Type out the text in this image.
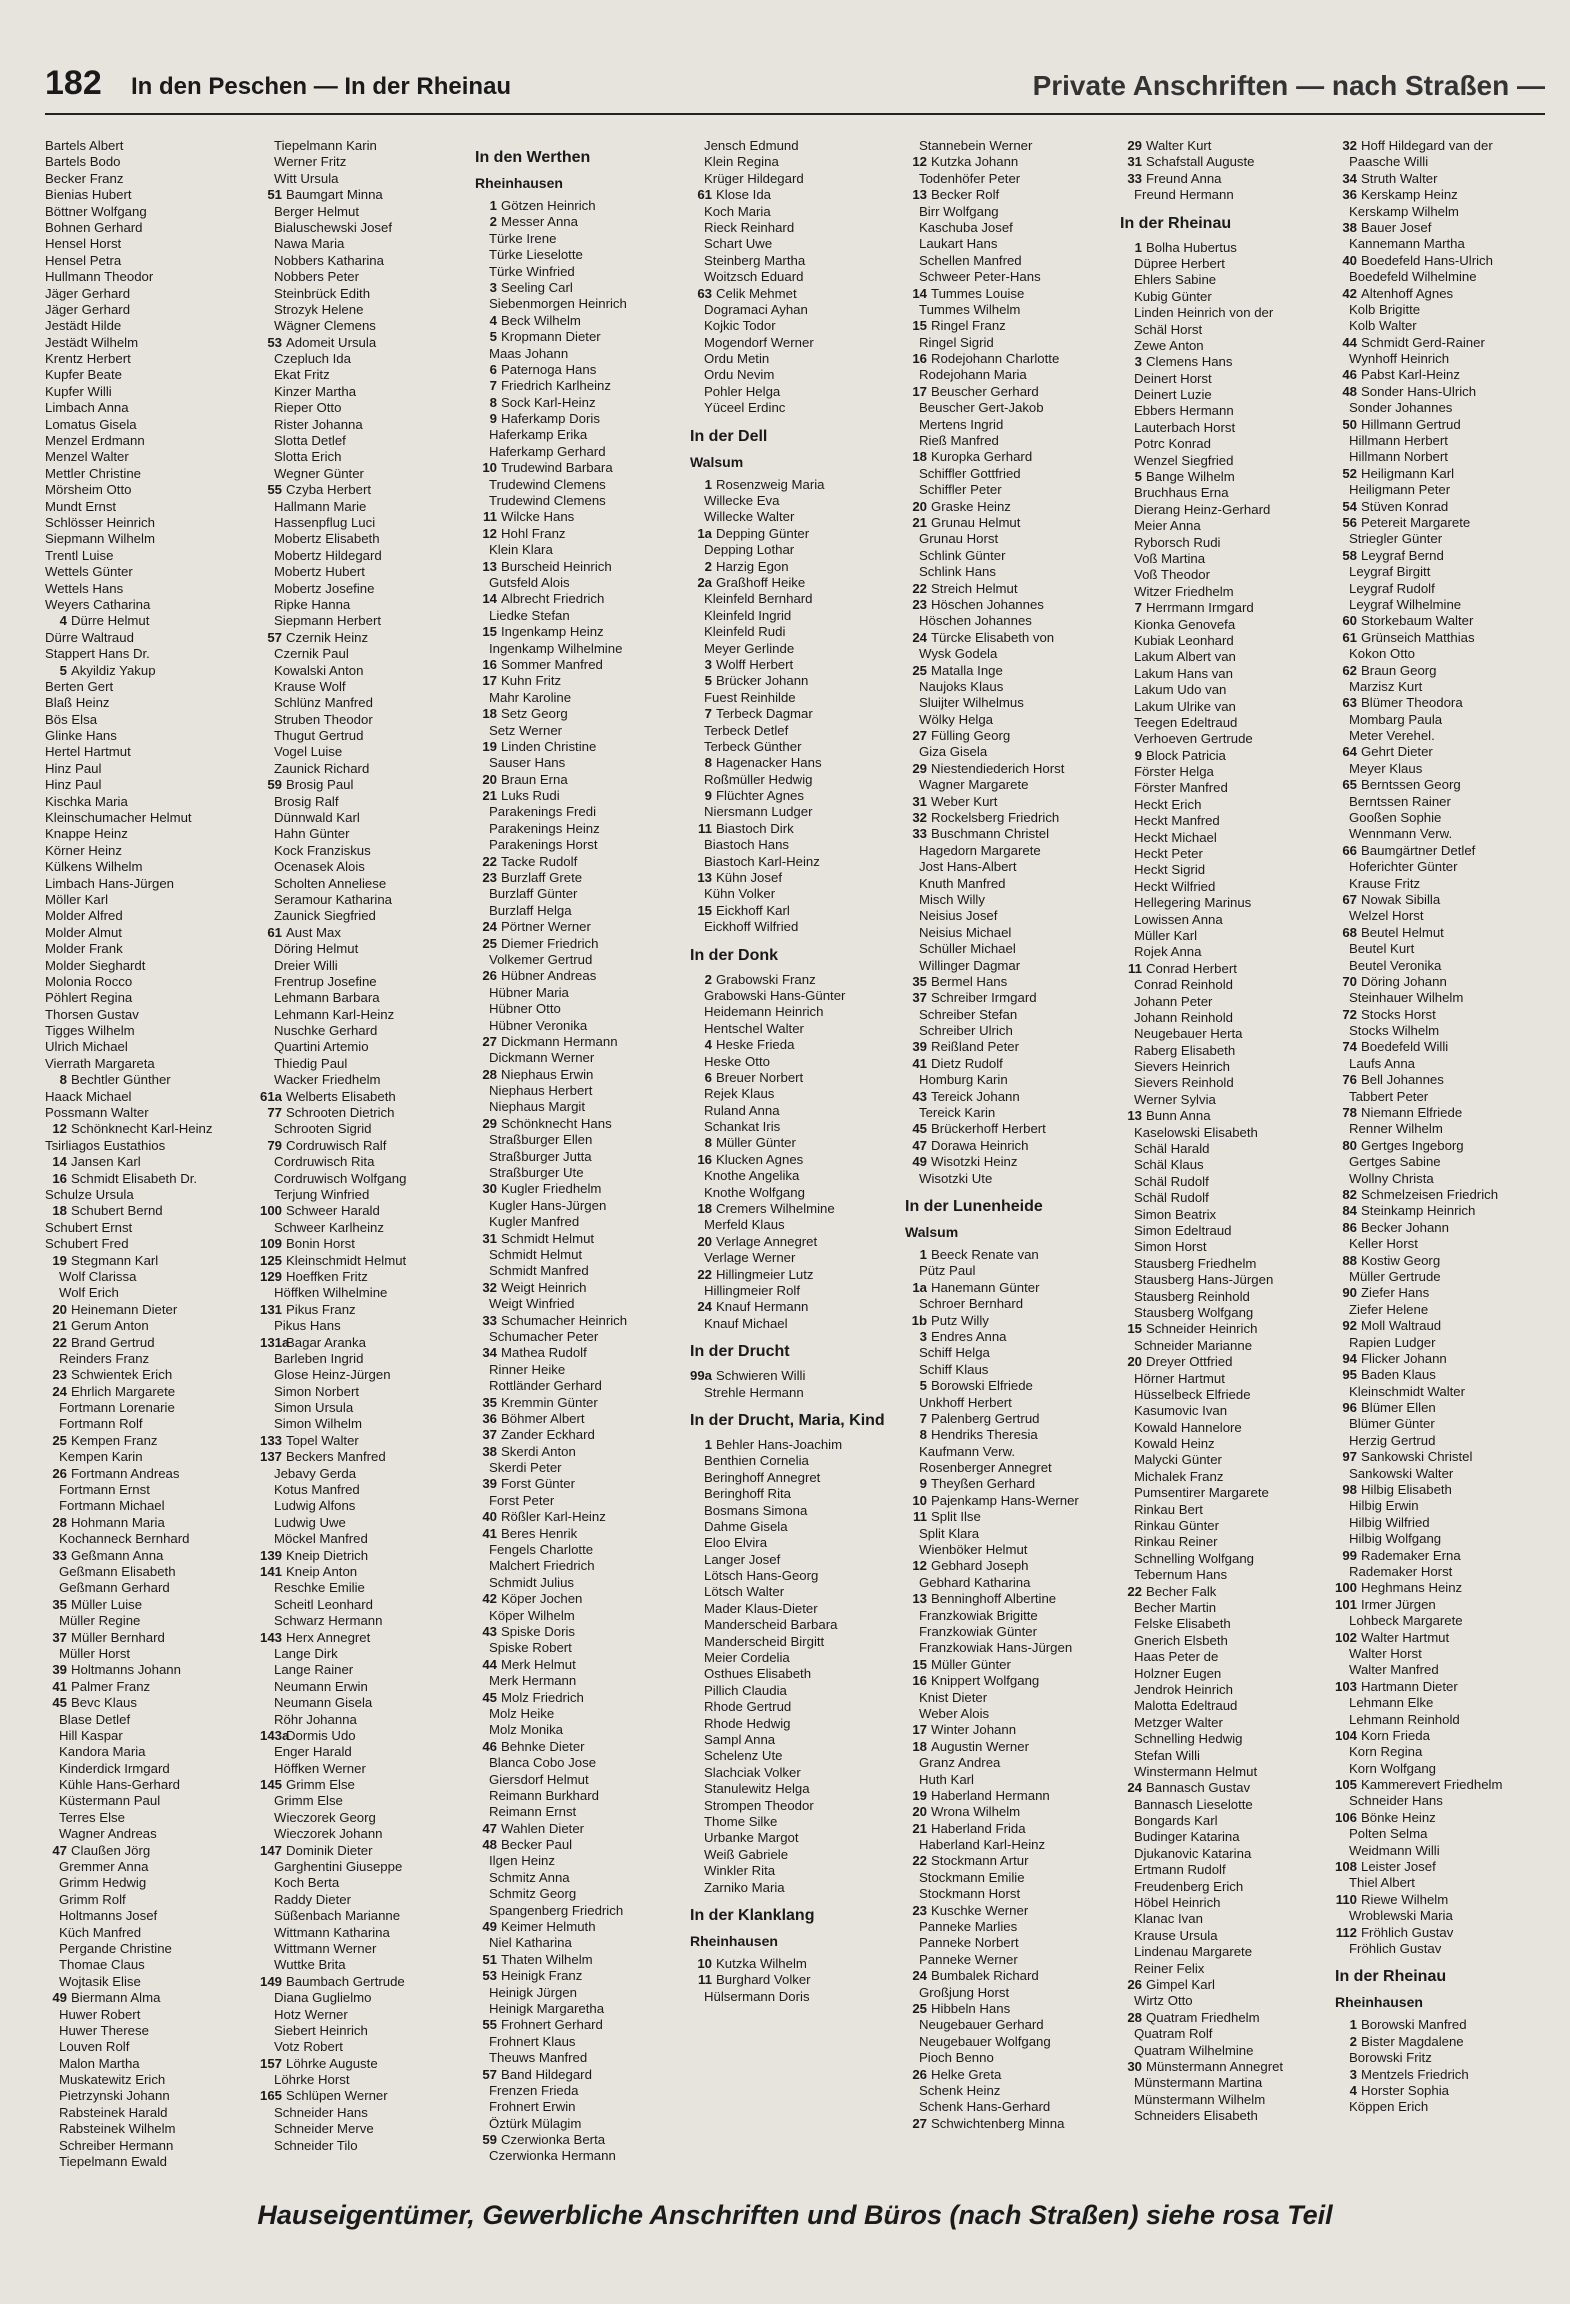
182 In den Peschen — In der Rheinau	Private Anschriften — nach Straßen —
Bartels Albert
Bartels Bodo
Becker Franz
Bienias Hubert
Böttner Wolfgang
Bohnen Gerhard
Hensel Horst
Hensel Petra
Hullmann Theodor
Jäger Gerhard
Jäger Gerhard
Jestädt Hilde
Jestädt Wilhelm
Krentz Herbert
Kupfer Beate
Kupfer Willi
Limbach Anna
Lomatus Gisela
Menzel Erdmann
Menzel Walter
Mettler Christine
Mörsheim Otto
Mundt Ernst
Schlösser Heinrich
Siepmann Wilhelm
Trentl Luise
Wettels Günter
Wettels Hans
Weyers Catharina
4 Dürre Helmut
Dürre Waltraud
Stappert Hans Dr.
5 Akyildiz Yakup
Berten Gert
Blaß Heinz
Bös Elsa
Glinke Hans
Hertel Hartmut
Hinz Paul
Hinz Paul
Kischka Maria
Kleinschumacher Helmut
Knappe Heinz
Körner Heinz
Külkens Wilhelm
Limbach Hans-Jürgen
Möller Karl
Molder Alfred
Molder Almut
Molder Frank
Molder Sieghardt
Molonia Rocco
Pöhlert Regina
Thorsen Gustav
Tigges Wilhelm
Ulrich Michael
Vierrath Margareta
8 Bechtler Günther
Haack Michael
Possmann Walter
12 Schönknecht Karl-Heinz
Tsirliagos Eustathios
14 Jansen Karl
16 Schmidt Elisabeth Dr.
Schulze Ursula
18 Schubert Bernd
Schubert Ernst
Schubert Fred
19 Stegmann Karl
Wolf Clarissa
Wolf Erich
20 Heinemann Dieter
21 Gerum Anton
22 Brand Gertrud
Reinders Franz
23 Schwientek Erich
24 Ehrlich Margarete
Fortmann Lorenarie
Fortmann Rolf
25 Kempen Franz
Kempen Karin
26 Fortmann Andreas
Fortmann Ernst
Fortmann Michael
28 Hohmann Maria
Kochanneck Bernhard
33 Geßmann Anna
Geßmann Elisabeth
Geßmann Gerhard
35 Müller Luise
Müller Regine
37 Müller Bernhard
Müller Horst
39 Holtmanns Johann
41 Palmer Franz
45 Bevc Klaus
Blase Detlef
Hill Kaspar
Kandora Maria
Kinderdick Irmgard
Kühle Hans-Gerhard
Küstermann Paul
Terres Else
Wagner Andreas
47 Claußen Jörg
Gremmer Anna
Grimm Hedwig
Grimm Rolf
Holtmanns Josef
Küch Manfred
Pergande Christine
Thomae Claus
Wojtasik Elise
49 Biermann Alma
Huwer Robert
Huwer Therese
Louven Rolf
Malon Martha
Muskatewitz Erich
Pietrzynski Johann
Rabsteinek Harald
Rabsteinek Wilhelm
Schreiber Hermann
Tiepelmann Ewald
Tiepelmann Karin
Werner Fritz
Witt Ursula
51 Baumgart Minna
Berger Helmut
Bialuschewski Josef
Nawa Maria
Nobbers Katharina
Nobbers Peter
Steinbrück Edith
Strozyk Helene
Wägner Clemens
53 Adomeit Ursula
Czepluch Ida
Ekat Fritz
Kinzer Martha
Rieper Otto
Rister Johanna
Slotta Detlef
Slotta Erich
Wegner Günter
55 Czyba Herbert
Hallmann Marie
Hassenpflug Luci
Mobertz Elisabeth
Mobertz Hildegard
Mobertz Hubert
Mobertz Josefine
Ripke Hanna
Siepmann Herbert
57 Czernik Heinz
Czernik Paul
Kowalski Anton
Krause Wolf
Schlünz Manfred
Struben Theodor
Thugut Gertrud
Vogel Luise
Zaunick Richard
59 Brosig Paul
Brosig Ralf
Dünnwald Karl
Hahn Günter
Kock Franziskus
Ocenasek Alois
Scholten Anneliese
Seramour Katharina
Zaunick Siegfried
61 Aust Max
Döring Helmut
Dreier Willi
Frentrup Josefine
Lehmann Barbara
Lehmann Karl-Heinz
Nuschke Gerhard
Quartini Artemio
Thiedig Paul
Wacker Friedhelm
61a Welberts Elisabeth
77 Schrooten Dietrich
Schrooten Sigrid
79 Cordruwisch Ralf
Cordruwisch Rita
Cordruwisch Wolfgang
Terjung Winfried
100 Schweer Harald
Schweer Karlheinz
109 Bonin Horst
125 Kleinschmidt Helmut
129 Hoeffken Fritz
Höffken Wilhelmine
131 Pikus Franz
Pikus Hans
131aBagar Aranka
Barleben Ingrid
Glose Heinz-Jürgen
Simon Norbert
Simon Ursula
Simon Wilhelm
133 Topel Walter
137 Beckers Manfred
Jebavy Gerda
Kotus Manfred
Ludwig Alfons
Ludwig Uwe
Möckel Manfred
139 Kneip Dietrich
141 Kneip Anton
Reschke Emilie
Scheitl Leonhard
Schwarz Hermann
143 Herx Annegret
Lange Dirk
Lange Rainer
Neumann Erwin
Neumann Gisela
Röhr Johanna
143aDormis Udo
Enger Harald
Höffken Werner
145 Grimm Else
Grimm Else
Wieczorek Georg
Wieczorek Johann
147 Dominik Dieter
Garghentini Giuseppe
Koch Berta
Raddy Dieter
Süßenbach Marianne
Wittmann Katharina
Wittmann Werner
Wuttke Brita
149 Baumbach Gertrude
Diana Guglielmo
Hotz Werner
Siebert Heinrich
Votz Robert
157 Löhrke Auguste
Löhrke Horst
165 Schlüpen Werner
Schneider Hans
Schneider Merve
Schneider Tilo
In den Werthen
Rheinhausen
1 Götzen Heinrich
2 Messer Anna
Türke Irene
Türke Lieselotte
Türke Winfried
3 Seeling Carl
Siebenmorgen Heinrich
4 Beck Wilhelm
5 Kropmann Dieter
Maas Johann
6 Paternoga Hans
7 Friedrich Karlheinz
8 Sock Karl-Heinz
9 Haferkamp Doris
Haferkamp Erika
Haferkamp Gerhard
10 Trudewind Barbara
Trudewind Clemens
Trudewind Clemens
11 Wilcke Hans
12 Hohl Franz
Klein Klara
13 Burscheid Heinrich
Gutsfeld Alois
14 Albrecht Friedrich
Liedke Stefan
15 Ingenkamp Heinz
Ingenkamp Wilhelmine
16 Sommer Manfred
17 Kuhn Fritz
Mahr Karoline
18 Setz Georg
Setz Werner
19 Linden Christine
Sauser Hans
20 Braun Erna
21 Luks Rudi
Parakenings Fredi
Parakenings Heinz
Parakenings Horst
22 Tacke Rudolf
23 Burzlaff Grete
Burzlaff Günter
Burzlaff Helga
24 Pörtner Werner
25 Diemer Friedrich
Volkemer Gertrud
26 Hübner Andreas
Hübner Maria
Hübner Otto
Hübner Veronika
27 Dickmann Hermann
Dickmann Werner
28 Niephaus Erwin
Niephaus Herbert
Niephaus Margit
29 Schönknecht Hans
Straßburger Ellen
Straßburger Jutta
Straßburger Ute
30 Kugler Friedhelm
Kugler Hans-Jürgen
Kugler Manfred
31 Schmidt Helmut
Schmidt Helmut
Schmidt Manfred
32 Weigt Heinrich
Weigt Winfried
33 Schumacher Heinrich
Schumacher Peter
34 Mathea Rudolf
Rinner Heike
Rottländer Gerhard
35 Kremmin Günter
36 Böhmer Albert
37 Zander Eckhard
38 Skerdi Anton
Skerdi Peter
39 Forst Günter
Forst Peter
40 Rößler Karl-Heinz
41 Beres Henrik
Fengels Charlotte
Malchert Friedrich
Schmidt Julius
42 Köper Jochen
Köper Wilhelm
43 Spiske Doris
Spiske Robert
44 Merk Helmut
Merk Hermann
45 Molz Friedrich
Molz Heike
Molz Monika
46 Behnke Dieter
Blanca Cobo Jose
Giersdorf Helmut
Reimann Burkhard
Reimann Ernst
47 Wahlen Dieter
48 Becker Paul
Ilgen Heinz
Schmitz Anna
Schmitz Georg
Spangenberg Friedrich
49 Keimer Helmuth
Niel Katharina
51 Thaten Wilhelm
53 Heinigk Franz
Heinigk Jürgen
Heinigk Margaretha
55 Frohnert Gerhard
Frohnert Klaus
Theuws Manfred
57 Band Hildegard
Frenzen Frieda
Frohnert Erwin
Öztürk Mülagim
59 Czerwionka Berta
Czerwionka Hermann
Jensch Edmund
Klein Regina
Krüger Hildegard
61 Klose Ida
Koch Maria
Rieck Reinhard
Schart Uwe
Steinberg Martha
Woitzsch Eduard
63 Celik Mehmet
Dogramaci Ayhan
Kojkic Todor
Mogendorf Werner
Ordu Metin
Ordu Nevim
Pohler Helga
Yüceel Erdinc
In der Dell
Walsum
1 Rosenzweig Maria
Willecke Eva
Willecke Walter
1a Depping Günter
Depping Lothar
2 Harzig Egon
2a Graßhoff Heike
Kleinfeld Bernhard
Kleinfeld Ingrid
Kleinfeld Rudi
Meyer Gerlinde
3 Wolff Herbert
5 Brücker Johann
Fuest Reinhilde
7 Terbeck Dagmar
Terbeck Detlef
Terbeck Günther
8 Hagenacker Hans
Roßmüller Hedwig
9 Flüchter Agnes
Niersmann Ludger
11 Biastoch Dirk
Biastoch Hans
Biastoch Karl-Heinz
13 Kühn Josef
Kühn Volker
15 Eickhoff Karl
Eickhoff Wilfried
In der Donk
2 Grabowski Franz
Grabowski Hans-Günter
Heidemann Heinrich
Hentschel Walter
4 Heske Frieda
Heske Otto
6 Breuer Norbert
Rejek Klaus
Ruland Anna
Schankat Iris
8 Müller Günter
16 Klucken Agnes
Knothe Angelika
Knothe Wolfgang
18 Cremers Wilhelmine
Merfeld Klaus
20 Verlage Annegret
Verlage Werner
22 Hillingmeier Lutz
Hillingmeier Rolf
24 Knauf Hermann
Knauf Michael
In der Drucht
99a Schwieren Willi
Strehle Hermann
In der Drucht, Maria, Kind
1 Behler Hans-Joachim
Benthien Cornelia
Beringhoff Annegret
Beringhoff Rita
Bosmans Simona
Dahme Gisela
Eloo Elvira
Langer Josef
Lötsch Hans-Georg
Lötsch Walter
Mader Klaus-Dieter
Manderscheid Barbara
Manderscheid Birgitt
Meier Cordelia
Osthues Elisabeth
Pillich Claudia
Rhode Gertrud
Rhode Hedwig
Sampl Anna
Schelenz Ute
Slachciak Volker
Stanulewitz Helga
Strompen Theodor
Thome Silke
Urbanke Margot
Weiß Gabriele
Winkler Rita
Zarniko Maria
In der Klanklang
Rheinhausen
10 Kutzka Wilhelm
11 Burghard Volker
Hülsermann Doris
Stannebein Werner
12 Kutzka Johann
Todenhöfer Peter
13 Becker Rolf
Birr Wolfgang
Kaschuba Josef
Laukart Hans
Schellen Manfred
Schweer Peter-Hans
14 Tummes Louise
Tummes Wilhelm
15 Ringel Franz
Ringel Sigrid
16 Rodejohann Charlotte
Rodejohann Maria
17 Beuscher Gerhard
Beuscher Gert-Jakob
Mertens Ingrid
Rieß Manfred
18 Kuropka Gerhard
Schiffler Gottfried
Schiffler Peter
20 Graske Heinz
21 Grunau Helmut
Grunau Horst
Schlink Günter
Schlink Hans
22 Streich Helmut
23 Höschen Johannes
Höschen Johannes
24 Türcke Elisabeth von
Wysk Godela
25 Matalla Inge
Naujoks Klaus
Sluijter Wilhelmus
Wölky Helga
27 Fülling Georg
Giza Gisela
29 Niestendiederich Horst
Wagner Margarete
31 Weber Kurt
32 Rockelsberg Friedrich
33 Buschmann Christel
Hagedorn Margarete
Jost Hans-Albert
Knuth Manfred
Misch Willy
Neisius Josef
Neisius Michael
Schüller Michael
Willinger Dagmar
35 Bermel Hans
37 Schreiber Irmgard
Schreiber Stefan
Schreiber Ulrich
39 Reißland Peter
41 Dietz Rudolf
Homburg Karin
43 Tereick Johann
Tereick Karin
45 Brückerhoff Herbert
47 Dorawa Heinrich
49 Wisotzki Heinz
Wisotzki Ute
In der Lunenheide
Walsum
1 Beeck Renate van
Pütz Paul
1a Hanemann Günter
Schroer Bernhard
1b Putz Willy
3 Endres Anna
Schiff Helga
Schiff Klaus
5 Borowski Elfriede
Unkhoff Herbert
7 Palenberg Gertrud
8 Hendriks Theresia
Kaufmann Verw.
Rosenberger Annegret
9 Theyßen Gerhard
10 Pajenkamp Hans-Werner
11 Split Ilse
Split Klara
Wienböker Helmut
12 Gebhard Joseph
Gebhard Katharina
13 Benninghoff Albertine
Franzkowiak Brigitte
Franzkowiak Günter
Franzkowiak Hans-Jürgen
15 Müller Günter
16 Knippert Wolfgang
Knist Dieter
Weber Alois
17 Winter Johann
18 Augustin Werner
Granz Andrea
Huth Karl
19 Haberland Hermann
20 Wrona Wilhelm
21 Haberland Frida
Haberland Karl-Heinz
22 Stockmann Artur
Stockmann Emilie
Stockmann Horst
23 Kuschke Werner
Panneke Marlies
Panneke Norbert
Panneke Werner
24 Bumbalek Richard
Großjung Horst
25 Hibbeln Hans
Neugebauer Gerhard
Neugebauer Wolfgang
Pioch Benno
26 Helke Greta
Schenk Heinz
Schenk Hans-Gerhard
27 Schwichtenberg Minna
29 Walter Kurt
31 Schafstall Auguste
33 Freund Anna
Freund Hermann
In der Rheinau
1 Bolha Hubertus
Düpree Herbert
Ehlers Sabine
Kubig Günter
Linden Heinrich von der
Schäl Horst
Zewe Anton
3 Clemens Hans
Deinert Horst
Deinert Luzie
Ebbers Hermann
Lauterbach Horst
Potrc Konrad
Wenzel Siegfried
5 Bange Wilhelm
Bruchhaus Erna
Dierang Heinz-Gerhard
Meier Anna
Ryborsch Rudi
Voß Martina
Voß Theodor
Witzer Friedhelm
7 Herrmann Irmgard
Kionka Genovefa
Kubiak Leonhard
Lakum Albert van
Lakum Hans van
Lakum Udo van
Lakum Ulrike van
Teegen Edeltraud
Verhoeven Gertrude
9 Block Patricia
Förster Helga
Förster Manfred
Heckt Erich
Heckt Manfred
Heckt Michael
Heckt Peter
Heckt Sigrid
Heckt Wilfried
Hellegering Marinus
Lowissen Anna
Müller Karl
Rojek Anna
11 Conrad Herbert
Conrad Reinhold
Johann Peter
Johann Reinhold
Neugebauer Herta
Raberg Elisabeth
Sievers Heinrich
Sievers Reinhold
Werner Sylvia
13 Bunn Anna
Kaselowski Elisabeth
Schäl Harald
Schäl Klaus
Schäl Rudolf
Schäl Rudolf
Simon Beatrix
Simon Edeltraud
Simon Horst
Stausberg Friedhelm
Stausberg Hans-Jürgen
Stausberg Reinhold
Stausberg Wolfgang
15 Schneider Heinrich
Schneider Marianne
20 Dreyer Ottfried
Hörner Hartmut
Hüsselbeck Elfriede
Kasumovic Ivan
Kowald Hannelore
Kowald Heinz
Malycki Günter
Michalek Franz
Pumsentirer Margarete
Rinkau Bert
Rinkau Günter
Rinkau Reiner
Schnelling Wolfgang
Tebernum Hans
22 Becher Falk
Becher Martin
Felske Elisabeth
Gnerich Elsbeth
Haas Peter de
Holzner Eugen
Jendrok Heinrich
Malotta Edeltraud
Metzger Walter
Schnelling Hedwig
Stefan Willi
Winstermann Helmut
24 Bannasch Gustav
Bannasch Lieselotte
Bongards Karl
Budinger Katarina
Djukanovic Katarina
Ertmann Rudolf
Freudenberg Erich
Höbel Heinrich
Klanac Ivan
Krause Ursula
Lindenau Margarete
Reiner Felix
26 Gimpel Karl
Wirtz Otto
28 Quatram Friedhelm
Quatram Rolf
Quatram Wilhelmine
30 Münstermann Annegret
Münstermann Martina
Münstermann Wilhelm
Schneiders Elisabeth
32 Hoff Hildegard van der
Paasche Willi
34 Struth Walter
36 Kerskamp Heinz
Kerskamp Wilhelm
38 Bauer Josef
Kannemann Martha
40 Boedefeld Hans-Ulrich
Boedefeld Wilhelmine
42 Altenhoff Agnes
Kolb Brigitte
Kolb Walter
44 Schmidt Gerd-Rainer
Wynhoff Heinrich
46 Pabst Karl-Heinz
48 Sonder Hans-Ulrich
Sonder Johannes
50 Hillmann Gertrud
Hillmann Herbert
Hillmann Norbert
52 Heiligmann Karl
Heiligmann Peter
54 Stüven Konrad
56 Petereit Margarete
Striegler Günter
58 Leygraf Bernd
Leygraf Birgitt
Leygraf Rudolf
Leygraf Wilhelmine
60 Storkebaum Walter
61 Grünseich Matthias
Kokon Otto
62 Braun Georg
Marzisz Kurt
63 Blümer Theodora
Mombarg Paula
Meter Verehel.
64 Gehrt Dieter
Meyer Klaus
65 Berntssen Georg
Berntssen Rainer
Gooßen Sophie
Wennmann Verw.
66 Baumgärtner Detlef
Hoferichter Günter
Krause Fritz
67 Nowak Sibilla
Welzel Horst
68 Beutel Helmut
Beutel Kurt
Beutel Veronika
70 Döring Johann
Steinhauer Wilhelm
72 Stocks Horst
Stocks Wilhelm
74 Boedefeld Willi
Laufs Anna
76 Bell Johannes
Tabbert Peter
78 Niemann Elfriede
Renner Wilhelm
80 Gertges Ingeborg
Gertges Sabine
Wollny Christa
82 Schmelzeisen Friedrich
84 Steinkamp Heinrich
86 Becker Johann
Keller Horst
88 Kostiw Georg
Müller Gertrude
90 Ziefer Hans
Ziefer Helene
92 Moll Waltraud
Rapien Ludger
94 Flicker Johann
95 Baden Klaus
Kleinschmidt Walter
96 Blümer Ellen
Blümer Günter
Herzig Gertrud
97 Sankowski Christel
Sankowski Walter
98 Hilbig Elisabeth
Hilbig Erwin
Hilbig Wilfried
Hilbig Wolfgang
99 Rademaker Erna
Rademaker Horst
100 Heghmans Heinz
101 Irmer Jürgen
Lohbeck Margarete
102 Walter Hartmut
Walter Horst
Walter Manfred
103 Hartmann Dieter
Lehmann Elke
Lehmann Reinhold
104 Korn Frieda
Korn Regina
Korn Wolfgang
105 Kammerevert Friedhelm
Schneider Hans
106 Bönke Heinz
Polten Selma
Weidmann Willi
108 Leister Josef
Thiel Albert
110 Riewe Wilhelm
Wroblewski Maria
112 Fröhlich Gustav
Fröhlich Gustav
In der Rheinau
Rheinhausen
1 Borowski Manfred
2 Bister Magdalene
Borowski Fritz
3 Mentzels Friedrich
4 Horster Sophia
Köppen Erich
Hauseigentümer, Gewerbliche Anschriften und Büros (nach Straßen) siehe rosa Teil
